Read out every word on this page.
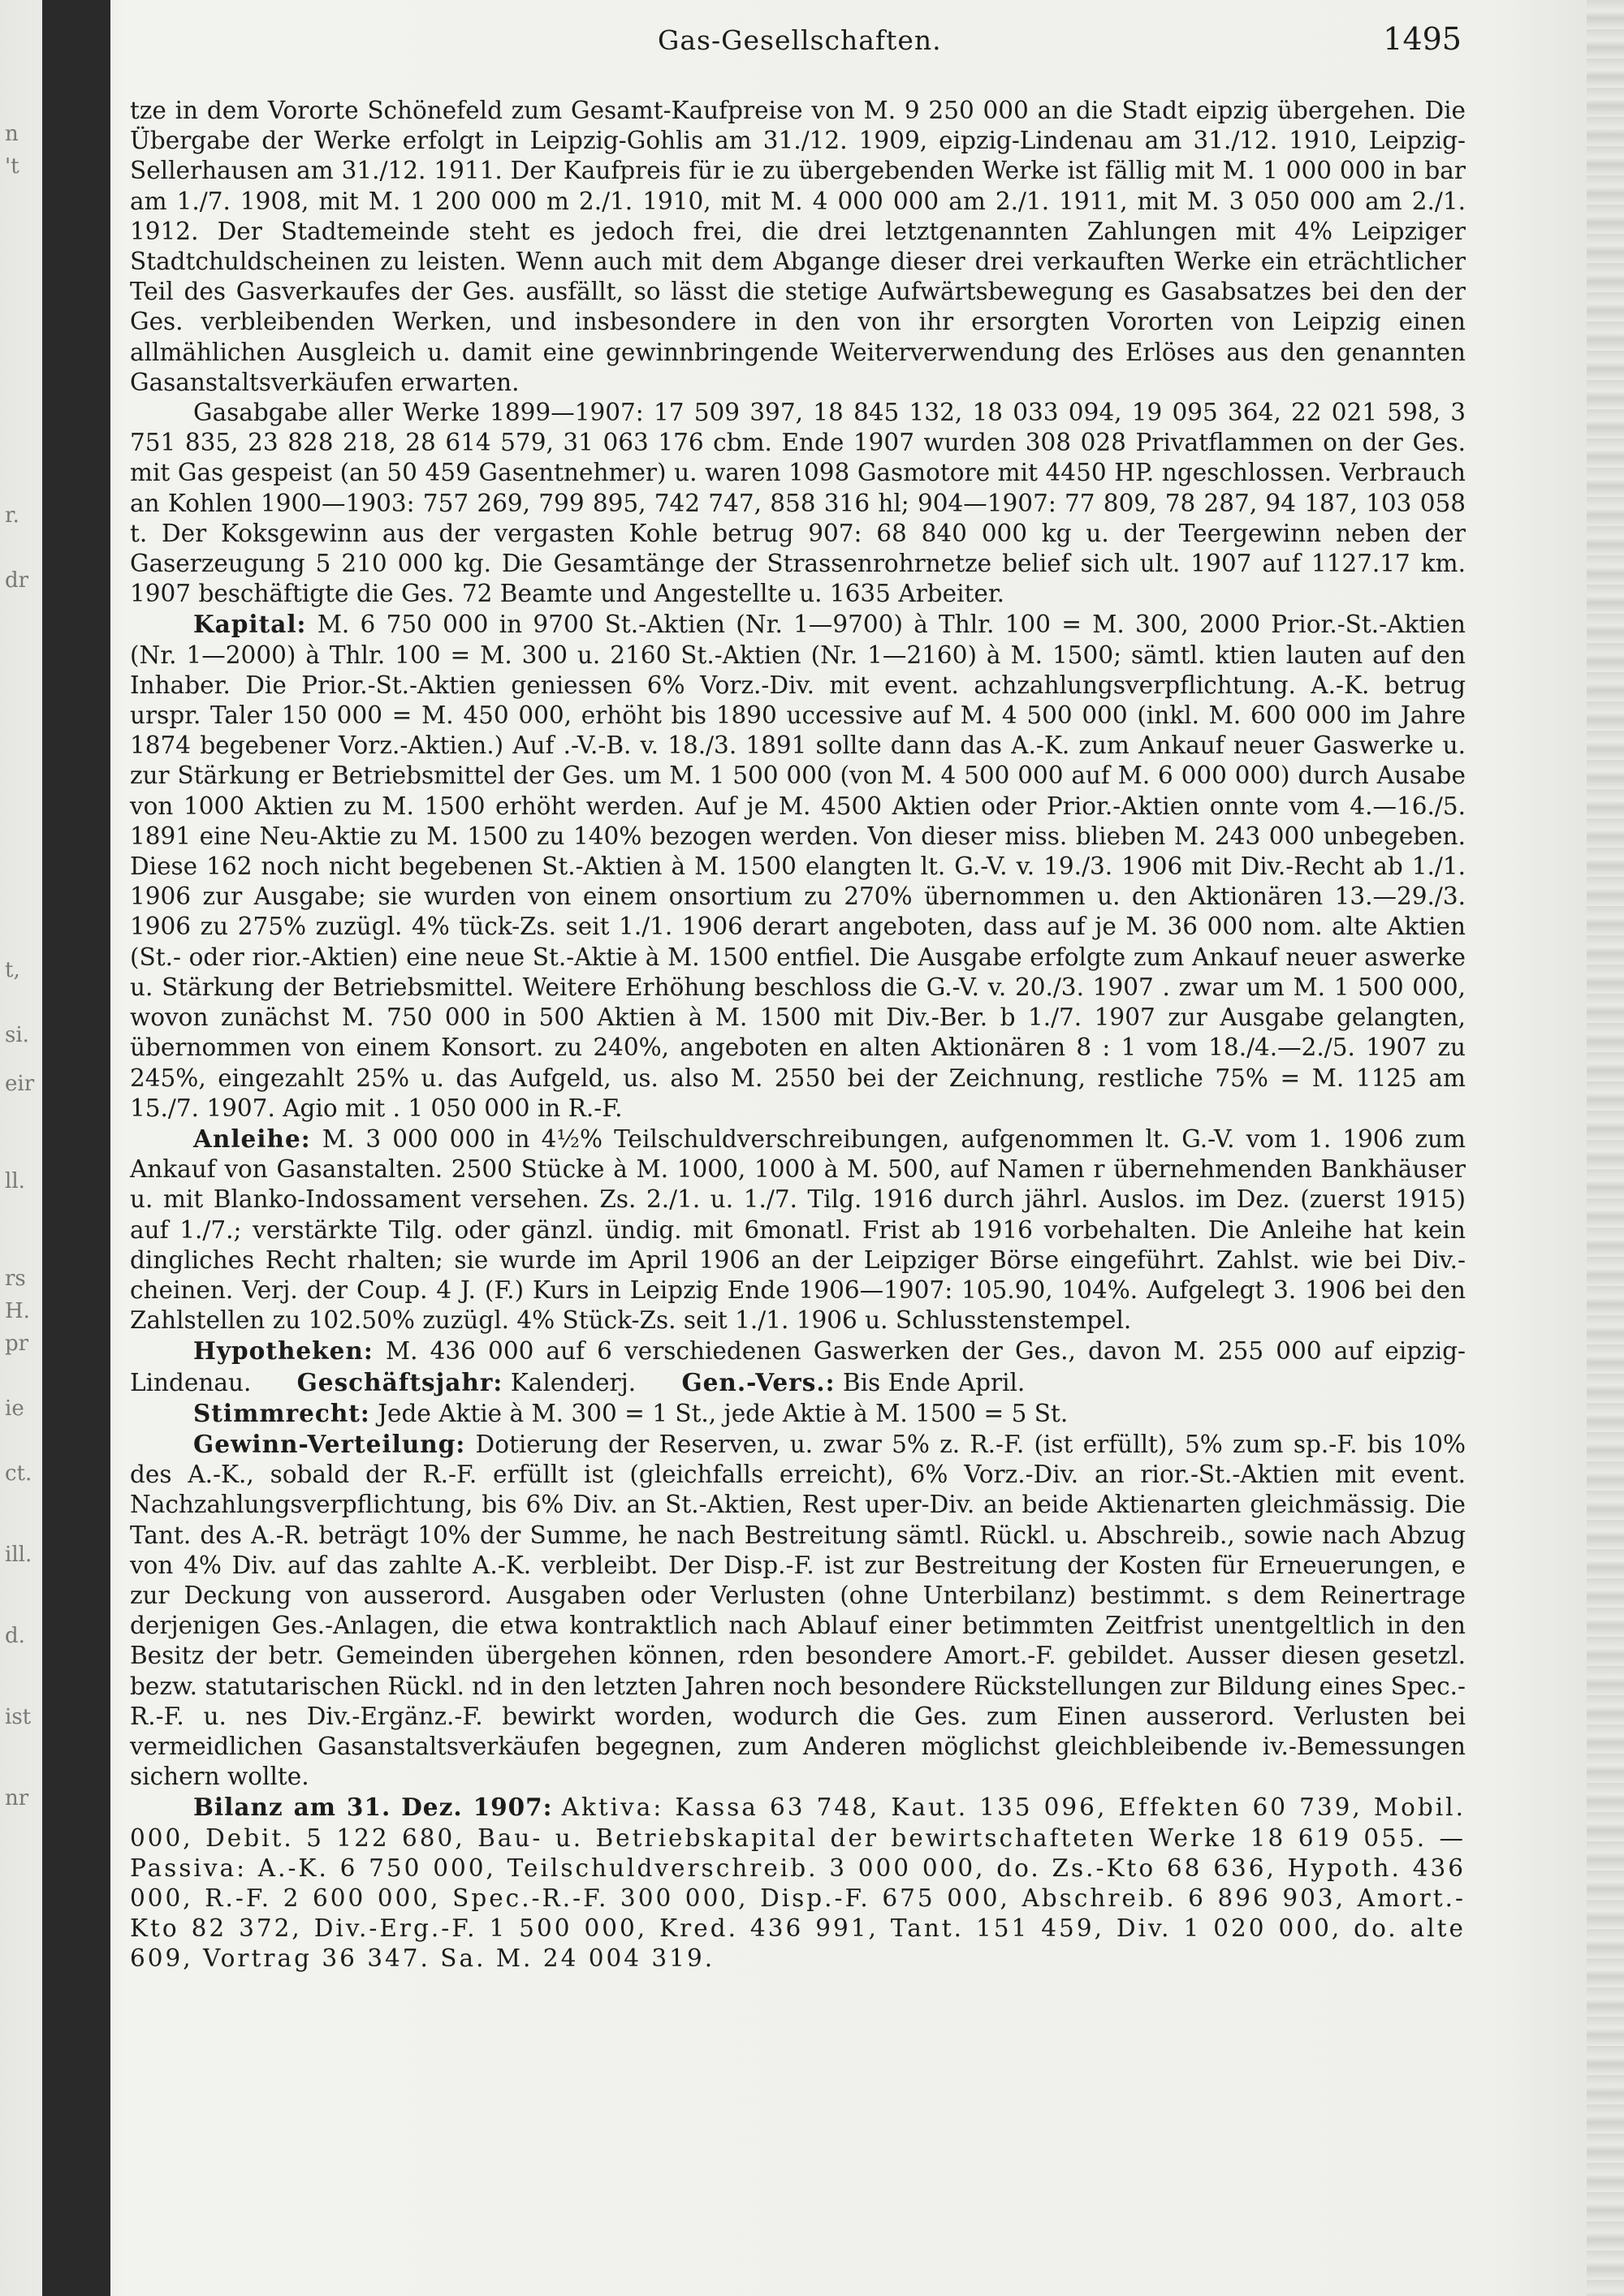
n
't
r.
dr
t,
si.
eir
ll.
rs
H.
pr
ie
ct.
ill.
d.
ist
nr
Gas-Gesellschaften.	1495

tze in dem Vororte Schönefeld zum Gesamt-Kaufpreise von M. 9 250 000 an die Stadt eipzig übergehen. Die Übergabe der Werke erfolgt in Leipzig-Gohlis am 31./12. 1909, eipzig-Lindenau am 31./12. 1910, Leipzig-Sellerhausen am 31./12. 1911. Der Kaufpreis für ie zu übergebenden Werke ist fällig mit M. 1 000 000 in bar am 1./7. 1908, mit M. 1 200 000 m 2./1. 1910, mit M. 4 000 000 am 2./1. 1911, mit M. 3 050 000 am 2./1. 1912. Der Stadtemeinde steht es jedoch frei, die drei letztgenannten Zahlungen mit 4% Leipziger Stadtchuldscheinen zu leisten. Wenn auch mit dem Abgange dieser drei verkauften Werke ein eträchtlicher Teil des Gasverkaufes der Ges. ausfällt, so lässt die stetige Aufwärtsbewegung es Gasabsatzes bei den der Ges. verbleibenden Werken, und insbesondere in den von ihr ersorgten Vororten von Leipzig einen allmählichen Ausgleich u. damit eine gewinnbringende Weiterverwendung des Erlöses aus den genannten Gasanstaltsverkäufen erwarten.

Gasabgabe aller Werke 1899—1907: 17 509 397, 18 845 132, 18 033 094, 19 095 364, 22 021 598, 3 751 835, 23 828 218, 28 614 579, 31 063 176 cbm. Ende 1907 wurden 308 028 Privatflammen on der Ges. mit Gas gespeist (an 50 459 Gasentnehmer) u. waren 1098 Gasmotore mit 4450 HP. ngeschlossen. Verbrauch an Kohlen 1900—1903: 757 269, 799 895, 742 747, 858 316 hl; 904—1907: 77 809, 78 287, 94 187, 103 058 t. Der Koksgewinn aus der vergasten Kohle betrug 907: 68 840 000 kg u. der Teergewinn neben der Gaserzeugung 5 210 000 kg. Die Gesamtänge der Strassenrohrnetze belief sich ult. 1907 auf 1127.17 km. 1907 beschäftigte die Ges. 72 Beamte und Angestellte u. 1635 Arbeiter.

Kapital: M. 6 750 000 in 9700 St.-Aktien (Nr. 1—9700) à Thlr. 100 = M. 300, 2000 Prior.-St.-Aktien (Nr. 1—2000) à Thlr. 100 = M. 300 u. 2160 St.-Aktien (Nr. 1—2160) à M. 1500; sämtl. ktien lauten auf den Inhaber. Die Prior.-St.-Aktien geniessen 6% Vorz.-Div. mit event. achzahlungsverpflichtung. A.-K. betrug urspr. Taler 150 000 = M. 450 000, erhöht bis 1890 uccessive auf M. 4 500 000 (inkl. M. 600 000 im Jahre 1874 begebener Vorz.-Aktien.) Auf .-V.-B. v. 18./3. 1891 sollte dann das A.-K. zum Ankauf neuer Gaswerke u. zur Stärkung er Betriebsmittel der Ges. um M. 1 500 000 (von M. 4 500 000 auf M. 6 000 000) durch Ausabe von 1000 Aktien zu M. 1500 erhöht werden. Auf je M. 4500 Aktien oder Prior.-Aktien onnte vom 4.—16./5. 1891 eine Neu-Aktie zu M. 1500 zu 140% bezogen werden. Von dieser miss. blieben M. 243 000 unbegeben. Diese 162 noch nicht begebenen St.-Aktien à M. 1500 elangten lt. G.-V. v. 19./3. 1906 mit Div.-Recht ab 1./1. 1906 zur Ausgabe; sie wurden von einem onsortium zu 270% übernommen u. den Aktionären 13.—29./3. 1906 zu 275% zuzügl. 4% tück-Zs. seit 1./1. 1906 derart angeboten, dass auf je M. 36 000 nom. alte Aktien (St.- oder rior.-Aktien) eine neue St.-Aktie à M. 1500 entfiel. Die Ausgabe erfolgte zum Ankauf neuer aswerke u. Stärkung der Betriebsmittel. Weitere Erhöhung beschloss die G.-V. v. 20./3. 1907 . zwar um M. 1 500 000, wovon zunächst M. 750 000 in 500 Aktien à M. 1500 mit Div.-Ber. b 1./7. 1907 zur Ausgabe gelangten, übernommen von einem Konsort. zu 240%, angeboten en alten Aktionären 8 : 1 vom 18./4.—2./5. 1907 zu 245%, eingezahlt 25% u. das Aufgeld, us. also M. 2550 bei der Zeichnung, restliche 75% = M. 1125 am 15./7. 1907. Agio mit . 1 050 000 in R.-F.

Anleihe: M. 3 000 000 in 4½% Teilschuldverschreibungen, aufgenommen lt. G.-V. vom 1. 1906 zum Ankauf von Gasanstalten. 2500 Stücke à M. 1000, 1000 à M. 500, auf Namen r übernehmenden Bankhäuser u. mit Blanko-Indossament versehen. Zs. 2./1. u. 1./7. Tilg. 1916 durch jährl. Auslos. im Dez. (zuerst 1915) auf 1./7.; verstärkte Tilg. oder gänzl. ündig. mit 6monatl. Frist ab 1916 vorbehalten. Die Anleihe hat kein dingliches Recht rhalten; sie wurde im April 1906 an der Leipziger Börse eingeführt. Zahlst. wie bei Div.-cheinen. Verj. der Coup. 4 J. (F.) Kurs in Leipzig Ende 1906—1907: 105.90, 104%. Aufgelegt 3. 1906 bei den Zahlstellen zu 102.50% zuzügl. 4% Stück-Zs. seit 1./1. 1906 u. Schlusstenstempel.

Hypotheken: M. 436 000 auf 6 verschiedenen Gaswerken der Ges., davon M. 255 000 auf eipzig-Lindenau. Geschäftsjahr: Kalenderj. Gen.-Vers.: Bis Ende April.

Stimmrecht: Jede Aktie à M. 300 = 1 St., jede Aktie à M. 1500 = 5 St.

Gewinn-Verteilung: Dotierung der Reserven, u. zwar 5% z. R.-F. (ist erfüllt), 5% zum sp.-F. bis 10% des A.-K., sobald der R.-F. erfüllt ist (gleichfalls erreicht), 6% Vorz.-Div. an rior.-St.-Aktien mit event. Nachzahlungsverpflichtung, bis 6% Div. an St.-Aktien, Rest uper-Div. an beide Aktienarten gleichmässig. Die Tant. des A.-R. beträgt 10% der Summe, he nach Bestreitung sämtl. Rückl. u. Abschreib., sowie nach Abzug von 4% Div. auf das zahlte A.-K. verbleibt. Der Disp.-F. ist zur Bestreitung der Kosten für Erneuerungen, e zur Deckung von ausserord. Ausgaben oder Verlusten (ohne Unterbilanz) bestimmt. s dem Reinertrage derjenigen Ges.-Anlagen, die etwa kontraktlich nach Ablauf einer betimmten Zeitfrist unentgeltlich in den Besitz der betr. Gemeinden übergehen können, rden besondere Amort.-F. gebildet. Ausser diesen gesetzl. bezw. statutarischen Rückl. nd in den letzten Jahren noch besondere Rückstellungen zur Bildung eines Spec.-R.-F. u. nes Div.-Ergänz.-F. bewirkt worden, wodurch die Ges. zum Einen ausserord. Verlusten bei vermeidlichen Gasanstaltsverkäufen begegnen, zum Anderen möglichst gleichbleibende iv.-Bemessungen sichern wollte.

Bilanz am 31. Dez. 1907: Aktiva: Kassa 63 748, Kaut. 135 096, Effekten 60 739, Mobil. 000, Debit. 5 122 680, Bau- u. Betriebskapital der bewirtschafteten Werke 18 619 055. — Passiva: A.-K. 6 750 000, Teilschuldverschreib. 3 000 000, do. Zs.-Kto 68 636, Hypoth. 436 000, R.-F. 2 600 000, Spec.-R.-F. 300 000, Disp.-F. 675 000, Abschreib. 6 896 903, Amort.-Kto 82 372, Div.-Erg.-F. 1 500 000, Kred. 436 991, Tant. 151 459, Div. 1 020 000, do. alte 609, Vortrag 36 347. Sa. M. 24 004 319.
